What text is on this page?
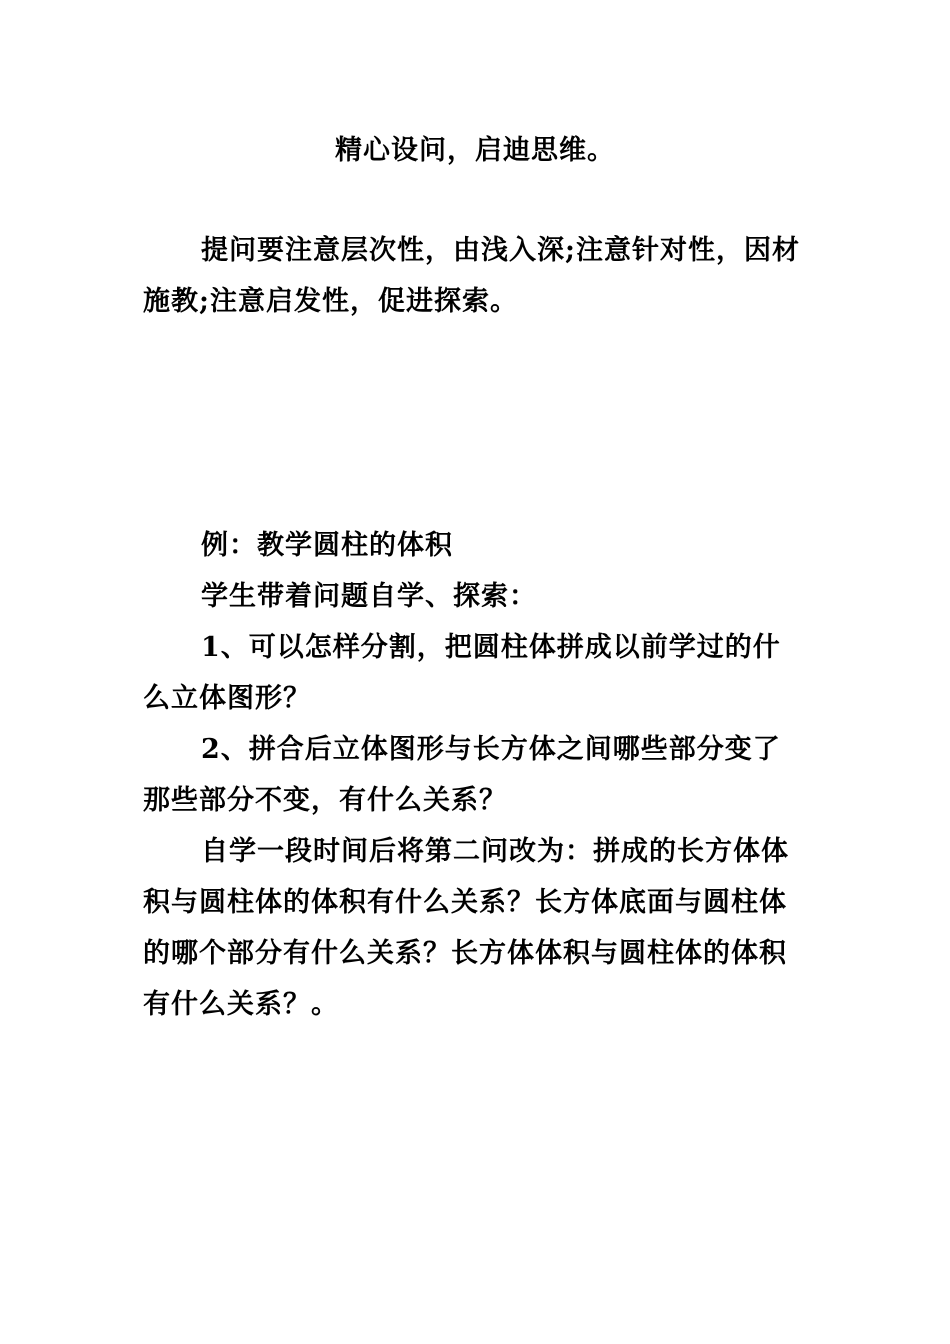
精心设问，启迪思维。

提问要注意层次性，由浅入深;注意针对性，因材施教;注意启发性，促进探索。

例：教学圆柱的体积

学生带着问题自学、探索：

1、可以怎样分割，把圆柱体拼成以前学过的什么立体图形？

2、拼合后立体图形与长方体之间哪些部分变了那些部分不变，有什么关系？

自学一段时间后将第二问改为：拼成的长方体体积与圆柱体的体积有什么关系？长方体底面与圆柱体的哪个部分有什么关系？长方体体积与圆柱体的体积有什么关系？。
